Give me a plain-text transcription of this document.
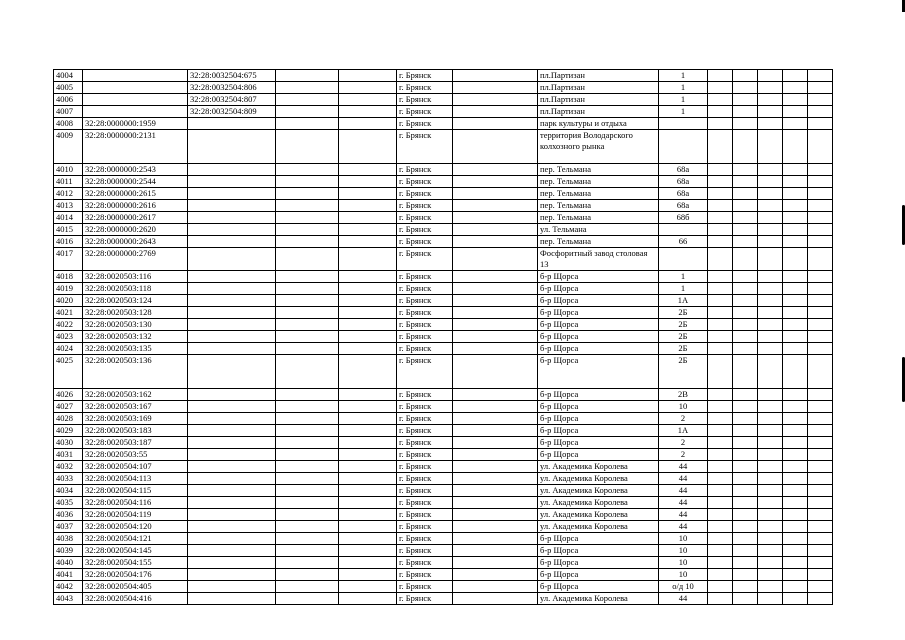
4004		32:28:0032504:675			г. Брянск		пл.Партизан	1					
4005		32:28:0032504:806			г. Брянск		пл.Партизан	1					
4006		32:28:0032504:807			г. Брянск		пл.Партизан	1					
4007		32:28:0032504:809			г. Брянск		пл.Партизан	1					
4008	32:28:0000000:1959				г. Брянск		парк культуры и отдыха						
4009	32:28:0000000:2131				г. Брянск		территория Володарского колхозного рынка						
4010	32:28:0000000:2543				г. Брянск		пер. Тельмана	68а					
4011	32:28:0000000:2544				г. Брянск		пер. Тельмана	68а					
4012	32:28:0000000:2615				г. Брянск		пер. Тельмана	68а					
4013	32:28:0000000:2616				г. Брянск		пер. Тельмана	68а					
4014	32:28:0000000:2617				г. Брянск		пер. Тельмана	68б					
4015	32:28:0000000:2620				г. Брянск		ул. Тельмана						
4016	32:28:0000000:2643				г. Брянск		пер. Тельмана	66					
4017	32:28:0000000:2769				г. Брянск		Фосфоритный завод столовая 13						
4018	32:28:0020503:116				г. Брянск		б-р Щорса	1					
4019	32:28:0020503:118				г. Брянск		б-р Щорса	1					
4020	32:28:0020503:124				г. Брянск		б-р Щорса	1А					
4021	32:28:0020503:128				г. Брянск		б-р Щорса	2Б					
4022	32:28:0020503:130				г. Брянск		б-р Щорса	2Б					
4023	32:28:0020503:132				г. Брянск		б-р Щорса	2Б					
4024	32:28:0020503:135				г. Брянск		б-р Щорса	2Б					
4025	32:28:0020503:136				г. Брянск		б-р Щорса	2Б					
4026	32:28:0020503:162				г. Брянск		б-р Щорса	2В					
4027	32:28:0020503:167				г. Брянск		б-р Щорса	10					
4028	32:28:0020503:169				г. Брянск		б-р Щорса	2					
4029	32:28:0020503:183				г. Брянск		б-р Щорса	1А					
4030	32:28:0020503:187				г. Брянск		б-р Щорса	2					
4031	32:28:0020503:55				г. Брянск		б-р Щорса	2					
4032	32:28:0020504:107				г. Брянск		ул. Академика Королева	44					
4033	32:28:0020504:113				г. Брянск		ул. Академика Королева	44					
4034	32:28:0020504:115				г. Брянск		ул. Академика Королева	44					
4035	32:28:0020504:116				г. Брянск		ул. Академика Королева	44					
4036	32:28:0020504:119				г. Брянск		ул. Академика Королева	44					
4037	32:28:0020504:120				г. Брянск		ул. Академика Королева	44					
4038	32:28:0020504:121				г. Брянск		б-р Щорса	10					
4039	32:28:0020504:145				г. Брянск		б-р Щорса	10					
4040	32:28:0020504:155				г. Брянск		б-р Щорса	10					
4041	32:28:0020504:176				г. Брянск		б-р Щорса	10					
4042	32:28:0020504:405				г. Брянск		б-р Щорса	о/д 10					
4043	32:28:0020504:416				г. Брянск		ул. Академика Королева	44					
